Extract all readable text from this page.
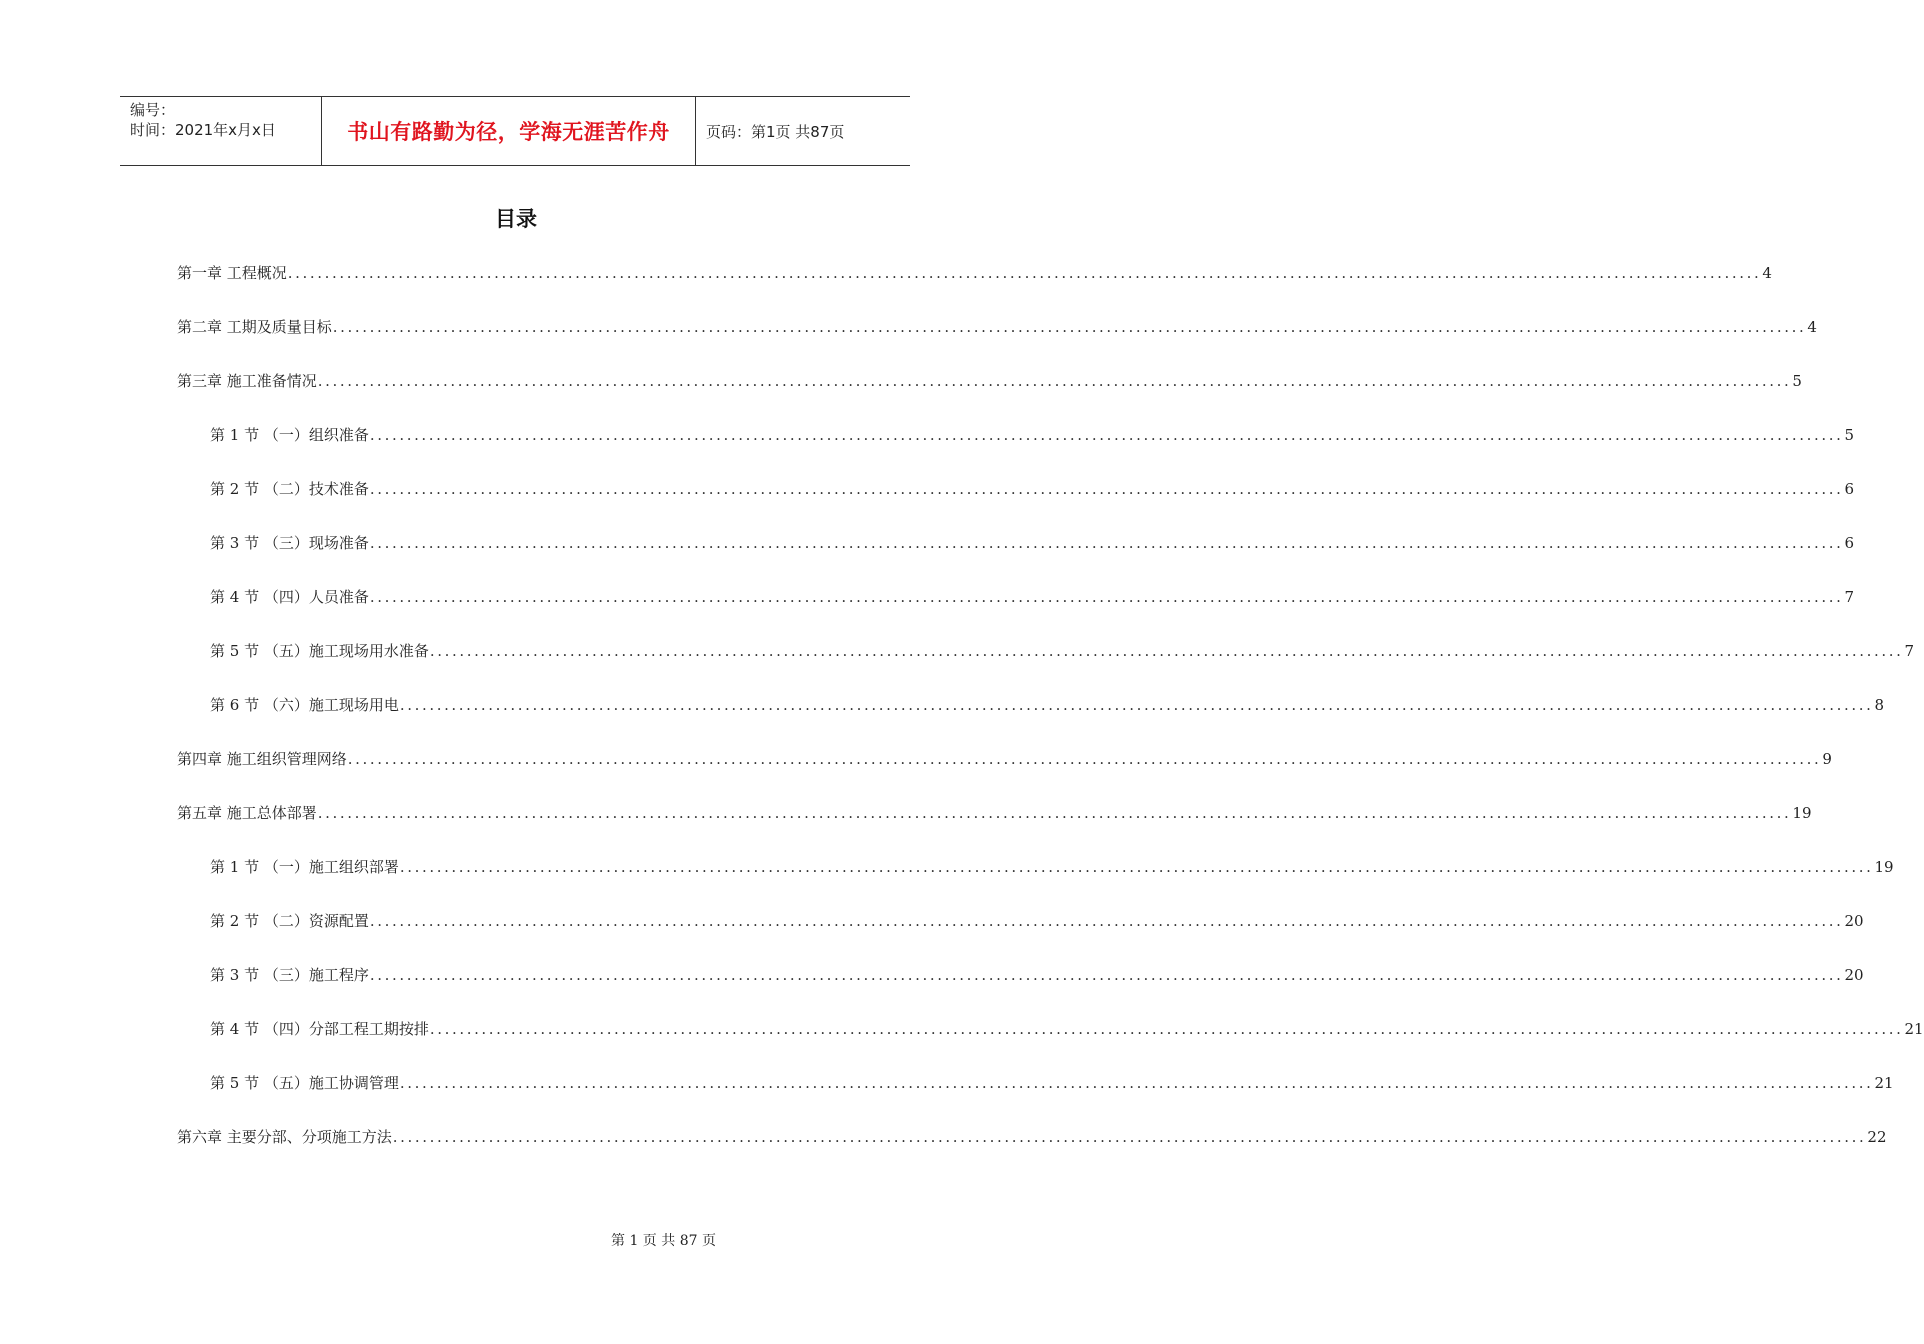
编号：
时间：2021年x月x日	书山有路勤为径，学海无涯苦作舟	页码：第1页 共87页
目录
第一章 工程概况 ........................................................................................................................................................................................................ 4
第二章 工期及质量目标 ........................................................................................................................................................................................................ 4
第三章 施工准备情况 ........................................................................................................................................................................................................ 5
第 1 节 （一）组织准备 ........................................................................................................................................................................................................ 5
第 2 节 （二）技术准备 ........................................................................................................................................................................................................ 6
第 3 节 （三）现场准备 ........................................................................................................................................................................................................ 6
第 4 节 （四）人员准备 ........................................................................................................................................................................................................ 7
第 5 节 （五）施工现场用水准备 ........................................................................................................................................................................................................ 7
第 6 节 （六）施工现场用电 ........................................................................................................................................................................................................ 8
第四章 施工组织管理网络 ........................................................................................................................................................................................................ 9
第五章 施工总体部署 ........................................................................................................................................................................................................ 19
第 1 节 （一）施工组织部署 ........................................................................................................................................................................................................ 19
第 2 节 （二）资源配置 ........................................................................................................................................................................................................ 20
第 3 节 （三）施工程序 ........................................................................................................................................................................................................ 20
第 4 节 （四）分部工程工期按排 ........................................................................................................................................................................................................ 21
第 5 节 （五）施工协调管理 ........................................................................................................................................................................................................ 21
第六章 主要分部、分项施工方法 ........................................................................................................................................................................................................ 22
第 1 页 共 87 页
